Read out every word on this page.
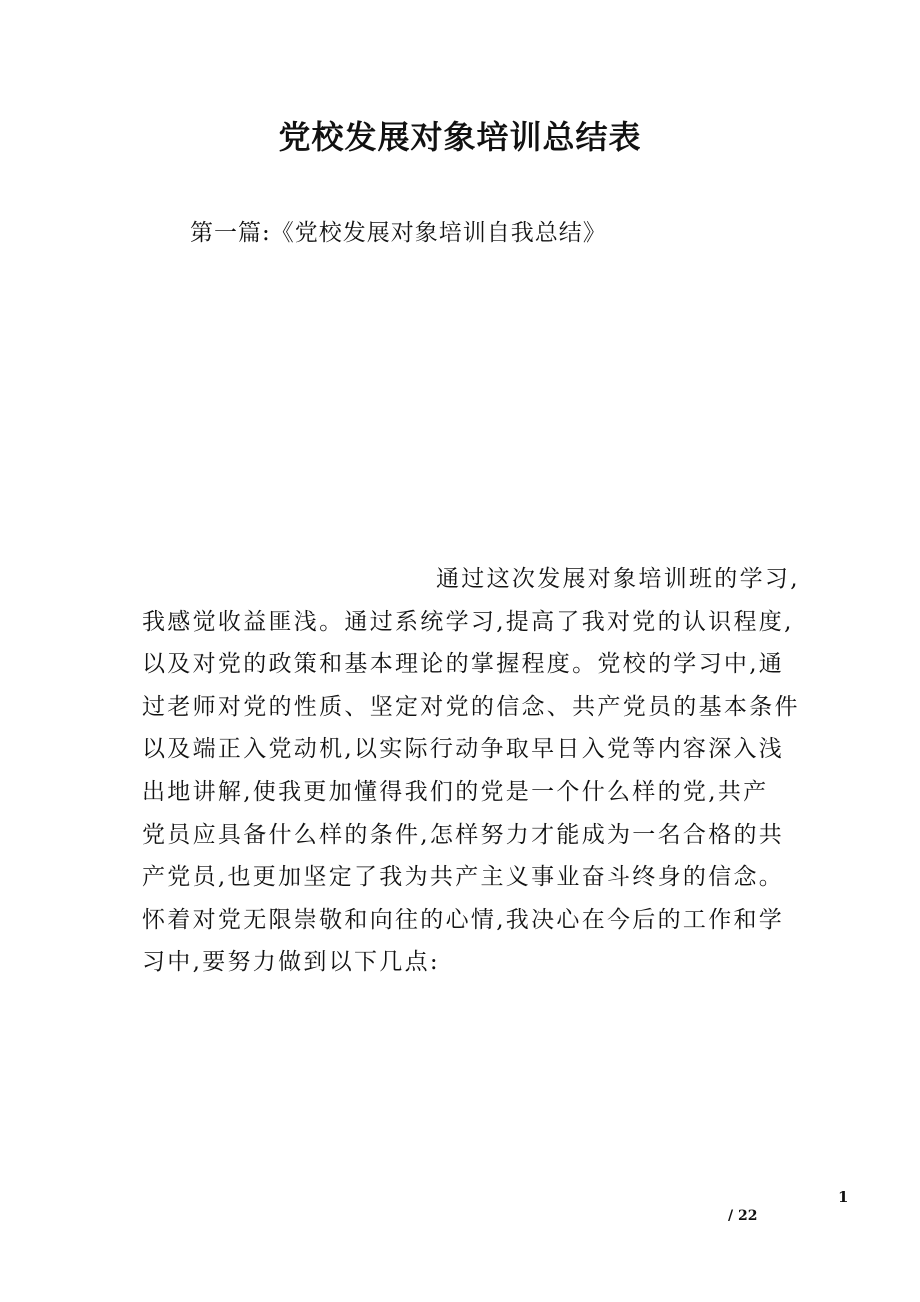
党校发展对象培训总结表
第一篇:《党校发展对象培训自我总结》
通过这次发展对象培训班的学习,
我感觉收益匪浅。通过系统学习,提高了我对党的认识程度,
以及对党的政策和基本理论的掌握程度。党校的学习中,通
过老师对党的性质、坚定对党的信念、共产党员的基本条件
以及端正入党动机,以实际行动争取早日入党等内容深入浅
出地讲解,使我更加懂得我们的党是一个什么样的党,共产
党员应具备什么样的条件,怎样努力才能成为一名合格的共
产党员,也更加坚定了我为共产主义事业奋斗终身的信念。
怀着对党无限崇敬和向往的心情,我决心在今后的工作和学
习中,要努力做到以下几点:
1
/ 22
